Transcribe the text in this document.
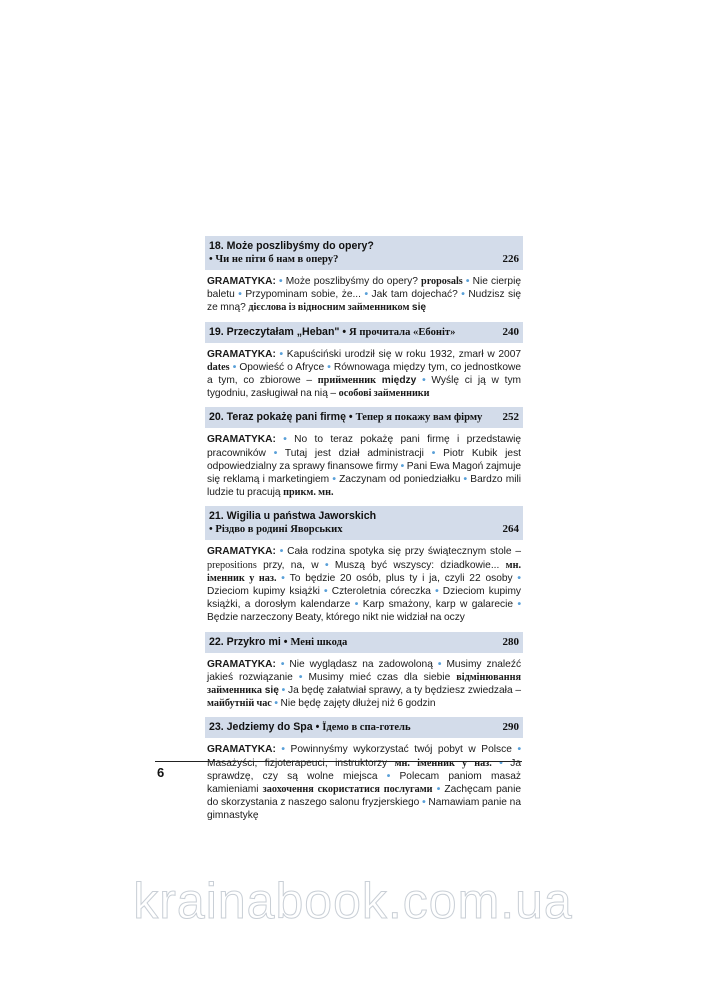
18. Może poszlibyśmy do opery?
• Чи не піти б нам в оперу?	226
GRAMATYKA: • Może poszlibyśmy do opery? proposals • Nie cierpię baletu • Przypominam sobie, że... • Jak tam dojechać? • Nudzisz się ze mną? дієслова із відносним займенником się
19. Przeczytałam „Heban" • Я прочитала «Ебоніт»	240
GRAMATYKA: • Kapuściński urodził się w roku 1932, zmarł w 2007 dates • Opowieść o Afryce • Równowaga między tym, co jednostkowe a tym, co zbiorowe – прийменник między • Wyślę ci ją w tym tygodniu, zasługiwał na nią – особові займенники
20. Teraz pokażę pani firmę • Тепер я покажу вам фірму	252
GRAMATYKA: • No to teraz pokażę pani firmę i przedstawię pracowników • Tutaj jest dział administracji • Piotr Kubik jest odpowiedzialny za sprawy finansowe firmy • Pani Ewa Magoń zajmuje się reklamą i marketingiem • Zaczynam od poniedziałku • Bardzo mili ludzie tu pracują прикм. мн.
21. Wigilia u państwa Jaworskich
• Різдво в родині Яворських	264
GRAMATYKA: • Cała rodzina spotyka się przy świątecznym stole – prepositions przy, na, w • Muszą być wszyscy: dziadkowie... мн. іменник у наз. • To będzie 20 osób, plus ty i ja, czyli 22 osoby • Dzieciom kupimy książki • Czteroletnia córeczka • Dzieciom kupimy książki, a dorosłym kalendarze • Karp smażony, karp w galarecie • Będzie narzeczony Beaty, którego nikt nie widział na oczy
22. Przykro mi • Мені шкода	280
GRAMATYKA: • Nie wyglądasz na zadowoloną • Musimy znaleźć jakieś rozwiązanie • Musimy mieć czas dla siebie відмінювання займенника się • Ja będę załatwiał sprawy, a ty będziesz zwiedzała – майбутній час • Nie będę zajęty dłużej niż 6 godzin
23. Jedziemy do Spa • Їдемо в спа-готель	290
GRAMATYKA: • Powinnyśmy wykorzystać twój pobyt w Polsce • Masażyści, fizjoterapeuci, instruktorzy мн. іменник у наз. • Ja sprawdzę, czy są wolne miejsca • Polecam paniom masaż kamieniami заохочення скористатися послугами • Zachęcam panie do skorzystania z naszego salonu fryzjerskiego • Namawiam panie na gimnastykę
6
krainabook.com.ua
